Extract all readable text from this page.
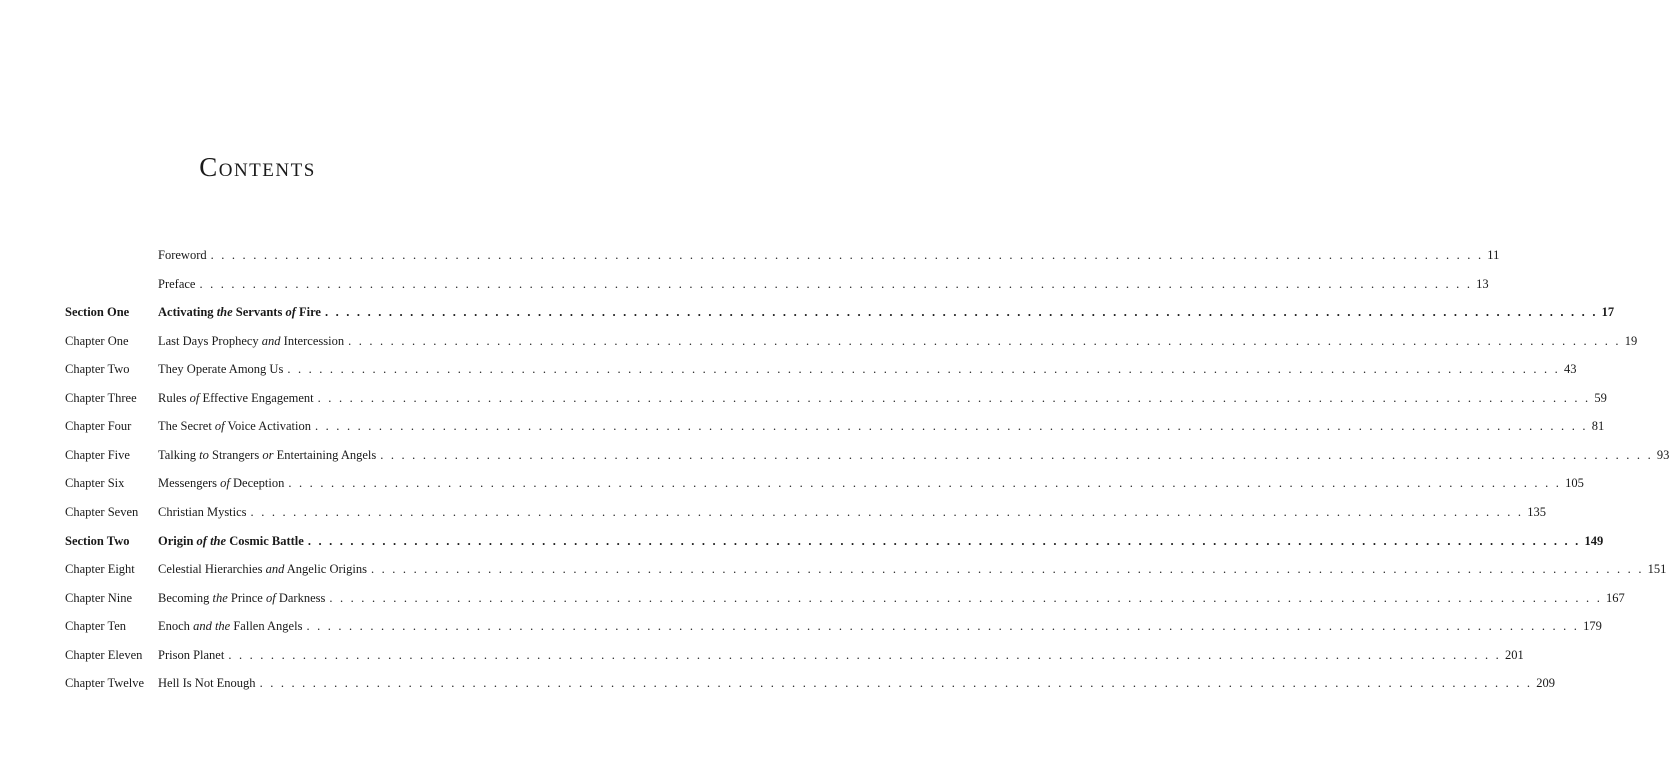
Contents
Foreword . . . . . . . . . . . . . . . . . . . . . . . . . . . . . . . . . . . . . . . . . . . . . . . . . . . . . . . . . . . . . . . . . . . . . . . . . . . . . . . . . . . . . . . . . . . . . . . . . . . . . . . . . . . . . . . . . . . . . . . . 11
Preface . . . . . . . . . . . . . . . . . . . . . . . . . . . . . . . . . . . . . . . . . . . . . . . . . . . . . . . . . . . . . . . . . . . . . . . . . . . . . . . . . . . . . . . . . . . . . . . . . . . . . . . . . . . . . . . . . . . . . . . . 13
Section One Activating the Servants of Fire . . . . . . . . . . . . . . . . . . . . . . . . . . . . . . . . . . . . . . . . . . . . . . . . . . . . . . . . . . . . . . . . . . . . . . . . . . . . . . . . . . . . . . . . . . . . . . . . . . . . . . . . . . . . . . . . . . . . . . . . 17
Chapter One Last Days Prophecy and Intercession . . . . . . . . . . . . . . . . . . . . . . . . . . . . . . . . . . . . . . . . . . . . . . . . . . . . . . . . . . . . . . . . . . . . . . . . . . . . . . . . . . . . . . . . . . . . . . . . . . . . . . . . . . . . . . . . . . . . . . . . 19
Chapter Two They Operate Among Us . . . . . . . . . . . . . . . . . . . . . . . . . . . . . . . . . . . . . . . . . . . . . . . . . . . . . . . . . . . . . . . . . . . . . . . . . . . . . . . . . . . . . . . . . . . . . . . . . . . . . . . . . . . . . . . . . . . . . . . . 43
Chapter Three Rules of Effective Engagement . . . . . . . . . . . . . . . . . . . . . . . . . . . . . . . . . . . . . . . . . . . . . . . . . . . . . . . . . . . . . . . . . . . . . . . . . . . . . . . . . . . . . . . . . . . . . . . . . . . . . . . . . . . . . . . . . . . . . . . . 59
Chapter Four The Secret of Voice Activation . . . . . . . . . . . . . . . . . . . . . . . . . . . . . . . . . . . . . . . . . . . . . . . . . . . . . . . . . . . . . . . . . . . . . . . . . . . . . . . . . . . . . . . . . . . . . . . . . . . . . . . . . . . . . . . . . . . . . . . . 81
Chapter Five Talking to Strangers or Entertaining Angels . . . . . . . . . . . . . . . . . . . . . . . . . . . . . . . . . . . . . . . . . . . . . . . . . . . . . . . . . . . . . . . . . . . . . . . . . . . . . . . . . . . . . . . . . . . . . . . . . . . . . . . . . . . . . . . . . . . . . . . . 93
Chapter Six	Messengers of Deception . . . . . . . . . . . . . . . . . . . . . . . . . . . . . . . . . . . . . . . . . . . . . . . . . . . . . . . . . . . . . . . . . . . . . . . . . . . . . . . . . . . . . . . . . . . . . . . . . . . . . . . . . . . . . . . . . . . . . . . . 105
Chapter Seven Christian Mystics . . . . . . . . . . . . . . . . . . . . . . . . . . . . . . . . . . . . . . . . . . . . . . . . . . . . . . . . . . . . . . . . . . . . . . . . . . . . . . . . . . . . . . . . . . . . . . . . . . . . . . . . . . . . . . . . . . . . . . . . 135
Section Two Origin of the Cosmic Battle . . . . . . . . . . . . . . . . . . . . . . . . . . . . . . . . . . . . . . . . . . . . . . . . . . . . . . . . . . . . . . . . . . . . . . . . . . . . . . . . . . . . . . . . . . . . . . . . . . . . . . . . . . . . . . . . . . . . . . . . 149
Chapter Eight Celestial Hierarchies and Angelic Origins . . . . . . . . . . . . . . . . . . . . . . . . . . . . . . . . . . . . . . . . . . . . . . . . . . . . . . . . . . . . . . . . . . . . . . . . . . . . . . . . . . . . . . . . . . . . . . . . . . . . . . . . . . . . . . . . . . . . . . . . 151
Chapter Nine Becoming the Prince of Darkness . . . . . . . . . . . . . . . . . . . . . . . . . . . . . . . . . . . . . . . . . . . . . . . . . . . . . . . . . . . . . . . . . . . . . . . . . . . . . . . . . . . . . . . . . . . . . . . . . . . . . . . . . . . . . . . . . . . . . . . . 167
Chapter Ten	Enoch and the Fallen Angels . . . . . . . . . . . . . . . . . . . . . . . . . . . . . . . . . . . . . . . . . . . . . . . . . . . . . . . . . . . . . . . . . . . . . . . . . . . . . . . . . . . . . . . . . . . . . . . . . . . . . . . . . . . . . . . . . . . . . . . . 179
Chapter Eleven Prison Planet . . . . . . . . . . . . . . . . . . . . . . . . . . . . . . . . . . . . . . . . . . . . . . . . . . . . . . . . . . . . . . . . . . . . . . . . . . . . . . . . . . . . . . . . . . . . . . . . . . . . . . . . . . . . . . . . . . . . . . . . 201
Chapter Twelve Hell Is Not Enough . . . . . . . . . . . . . . . . . . . . . . . . . . . . . . . . . . . . . . . . . . . . . . . . . . . . . . . . . . . . . . . . . . . . . . . . . . . . . . . . . . . . . . . . . . . . . . . . . . . . . . . . . . . . . . . . . . . . . . . . 209
